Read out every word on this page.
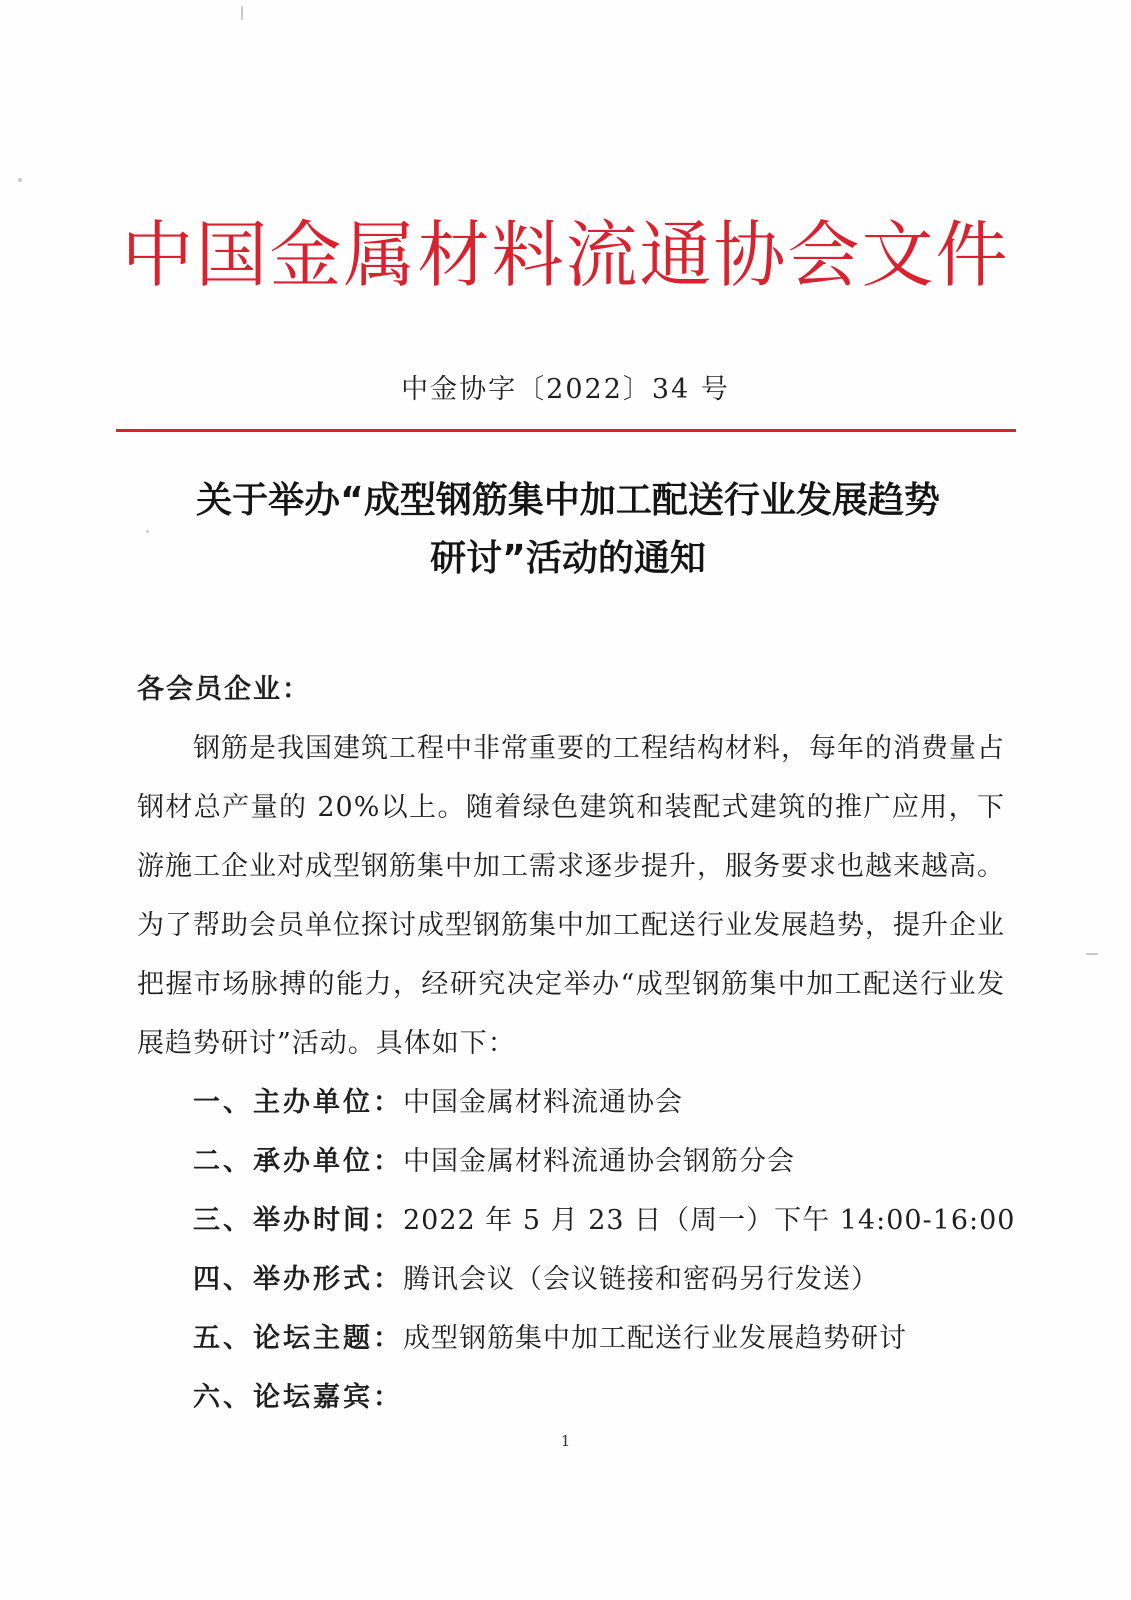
中国金属材料流通协会文件
中金协字〔2022〕34 号
关于举办“成型钢筋集中加工配送行业发展趋势
研讨”活动的通知
各会员企业：

钢筋是我国建筑工程中非常重要的工程结构材料，每年的消费量占钢材总产量的 20%以上。随着绿色建筑和装配式建筑的推广应用，下游施工企业对成型钢筋集中加工需求逐步提升，服务要求也越来越高。为了帮助会员单位探讨成型钢筋集中加工配送行业发展趋势，提升企业把握市场脉搏的能力，经研究决定举办“成型钢筋集中加工配送行业发展趋势研讨”活动。具体如下：

一、主办单位：中国金属材料流通协会
二、承办单位：中国金属材料流通协会钢筋分会
三、举办时间：2022 年 5 月 23 日（周一）下午 14:00-16:00
四、举办形式：腾讯会议（会议链接和密码另行发送）
五、论坛主题：成型钢筋集中加工配送行业发展趋势研讨
六、论坛嘉宾：
1
